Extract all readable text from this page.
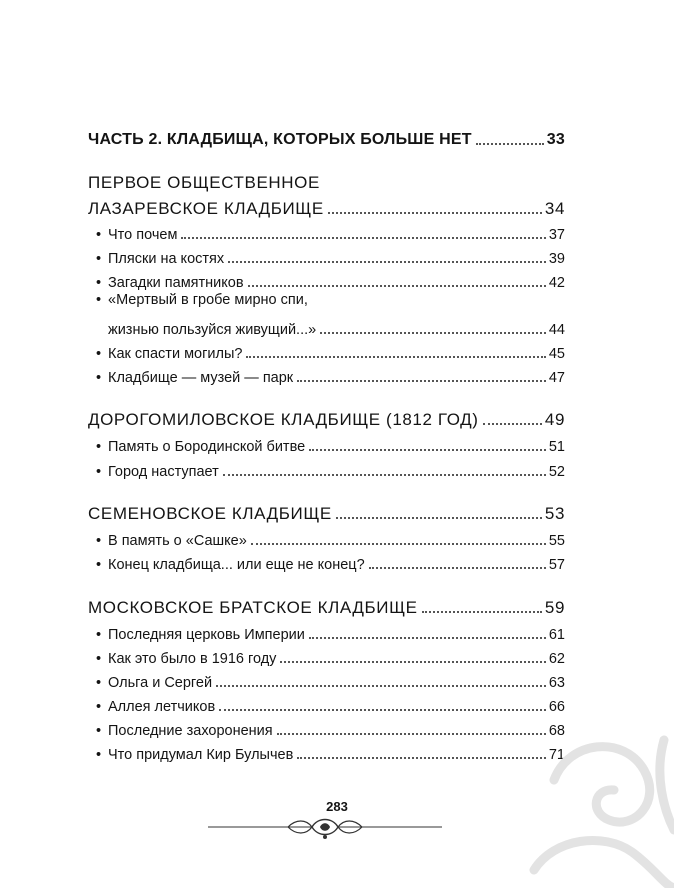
ЧАСТЬ 2. КЛАДБИЩА, КОТОРЫХ БОЛЬШЕ НЕТ	33
ПЕРВОЕ ОБЩЕСТВЕННОЕ
ЛАЗАРЕВСКОЕ КЛАДБИЩЕ	34
• Что почем	37
• Пляски на костях	39
• Загадки памятников	42
• «Мертвый в гробе мирно спи,
жизнью пользуйся живущий...»	44
• Как спасти могилы?	45
• Кладбище — музей — парк	47
ДОРОГОМИЛОВСКОЕ КЛАДБИЩЕ (1812 ГОД)	49
• Память о Бородинской битве	51
• Город наступает	52
СЕМЕНОВСКОЕ КЛАДБИЩЕ	53
• В память о «Сашке»	55
• Конец кладбища... или еще не конец?	57
МОСКОВСКОЕ БРАТСКОЕ КЛАДБИЩЕ	59
• Последняя церковь Империи	61
• Как это было в 1916 году	62
• Ольга и Сергей	63
• Аллея летчиков	66
• Последние захоронения	68
• Что придумал Кир Булычев	71
283
